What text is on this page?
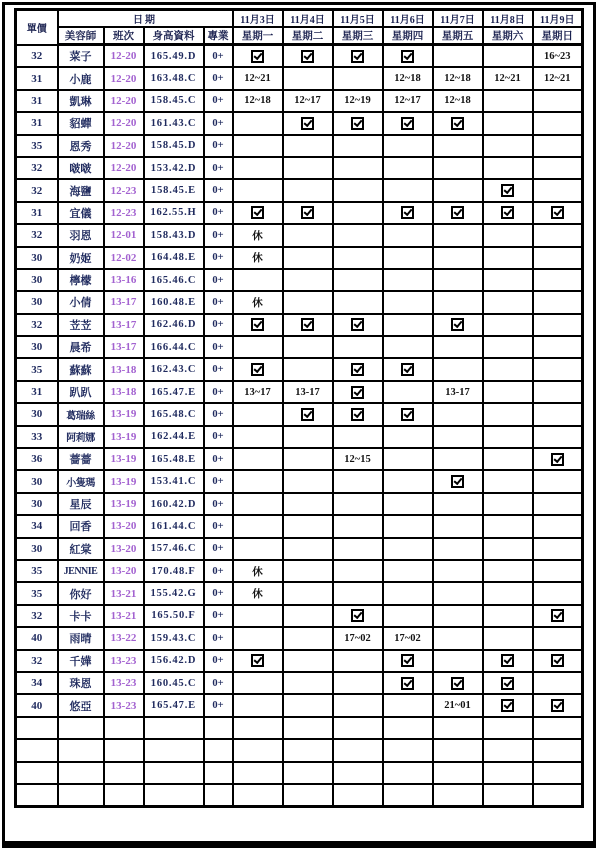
單價	日期				11月3日	11月4日	11月5日	11月6日	11月7日	11月8日	11月9日
	美容師	班次	身高資料	專業	星期一	星期二	星期三	星期四	星期五	星期六	星期日
32	菜子	12-20	165.49.D	0+							16~23
31	小鹿	12-20	163.48.C	0+	12~21			12~18	12~18	12~21	12~21
31	凱琳	12-20	158.45.C	0+	12~18	12~17	12~19	12~17	12~18		
31	貂蟬	12-20	161.43.C	0+							
35	恩秀	12-20	158.45.D	0+							
32	啵啵	12-20	153.42.D	0+							
32	海鹽	12-23	158.45.E	0+							
31	宜儀	12-23	162.55.H	0+							
32	羽恩	12-01	158.43.D	0+	休						
30	奶姬	12-02	164.48.E	0+	休						
30	檸檬	13-16	165.46.C	0+							
30	小倩	13-17	160.48.E	0+	休						
32	苙苙	13-17	162.46.D	0+							
30	晨希	13-17	166.44.C	0+							
35	蘇蘇	13-18	162.43.C	0+							
31	趴趴	13-18	165.47.E	0+	13~17	13-17			13-17		
30	葛瑞絲	13-19	165.48.C	0+							
33	阿莉娜	13-19	162.44.E	0+							
36	薔薔	13-19	165.48.E	0+			12~15				
30	小隻瑪	13-19	153.41.C	0+							
30	星辰	13-19	160.42.D	0+							
34	回香	13-20	161.44.C	0+							
30	紅棠	13-20	157.46.C	0+							
35	JENNIE	13-20	170.48.F	0+	休						
35	你好	13-21	155.42.G	0+	休						
32	卡卡	13-21	165.50.F	0+							
40	雨晴	13-22	159.43.C	0+			17~02	17~02			
32	千嬅	13-23	156.42.D	0+							
34	珠恩	13-23	160.45.C	0+							
40	悠亞	13-23	165.47.E	0+					21~01		
